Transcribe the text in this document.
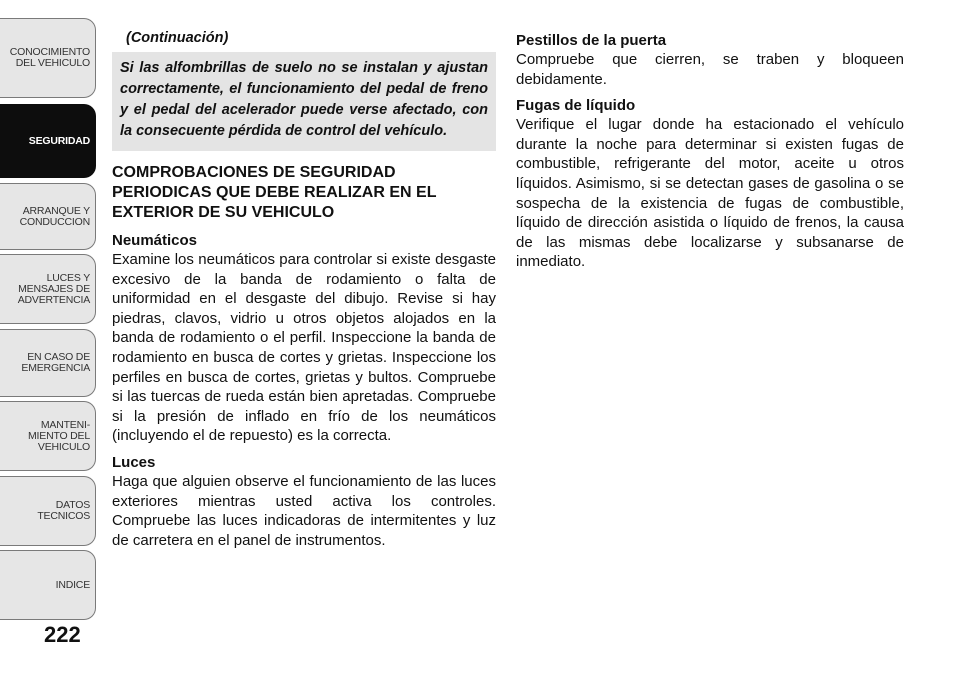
CONOCIMIENTO
DEL VEHICULO
SEGURIDAD
ARRANQUE Y
CONDUCCION
LUCES Y
MENSAJES DE
ADVERTENCIA
EN CASO DE
EMERGENCIA
MANTENI-
MIENTO DEL
VEHICULO
DATOS
TECNICOS
INDICE
222

(Continuación)

Si las alfombrillas de suelo no se instalan y ajustan correctamente, el funcionamiento del pedal de freno y el pedal del acelerador puede verse afectado, con la consecuente pérdida de control del vehículo.

COMPROBACIONES DE SEGURIDAD PERIODICAS QUE DEBE REALIZAR EN EL EXTERIOR DE SU VEHICULO
Neumáticos

Examine los neumáticos para controlar si existe desgaste excesivo de la banda de rodamiento o falta de uniformidad en el desgaste del dibujo. Revise si hay piedras, clavos, vidrio u otros objetos alojados en la banda de rodamiento o el perfil. Inspeccione la banda de rodamiento en busca de cortes y grietas. Inspeccione los perfiles en busca de cortes, grietas y bultos. Compruebe si las tuercas de rueda están bien apretadas. Compruebe si la presión de inflado en frío de los neumáticos (incluyendo el de repuesto) es la correcta.

Luces

Haga que alguien observe el funcionamiento de las luces exteriores mientras usted activa los controles. Compruebe las luces indicadoras de intermitentes y luz de carretera en el panel de instrumentos.

Pestillos de la puerta

Compruebe que cierren, se traben y bloqueen debidamente.

Fugas de líquido

Verifique el lugar donde ha estacionado el vehículo durante la noche para determinar si existen fugas de combustible, refrigerante del motor, aceite u otros líquidos. Asimismo, si se detectan gases de gasolina o se sospecha de la existencia de fugas de combustible, líquido de dirección asistida o líquido de frenos, la causa de las mismas debe localizarse y subsanarse de inmediato.
